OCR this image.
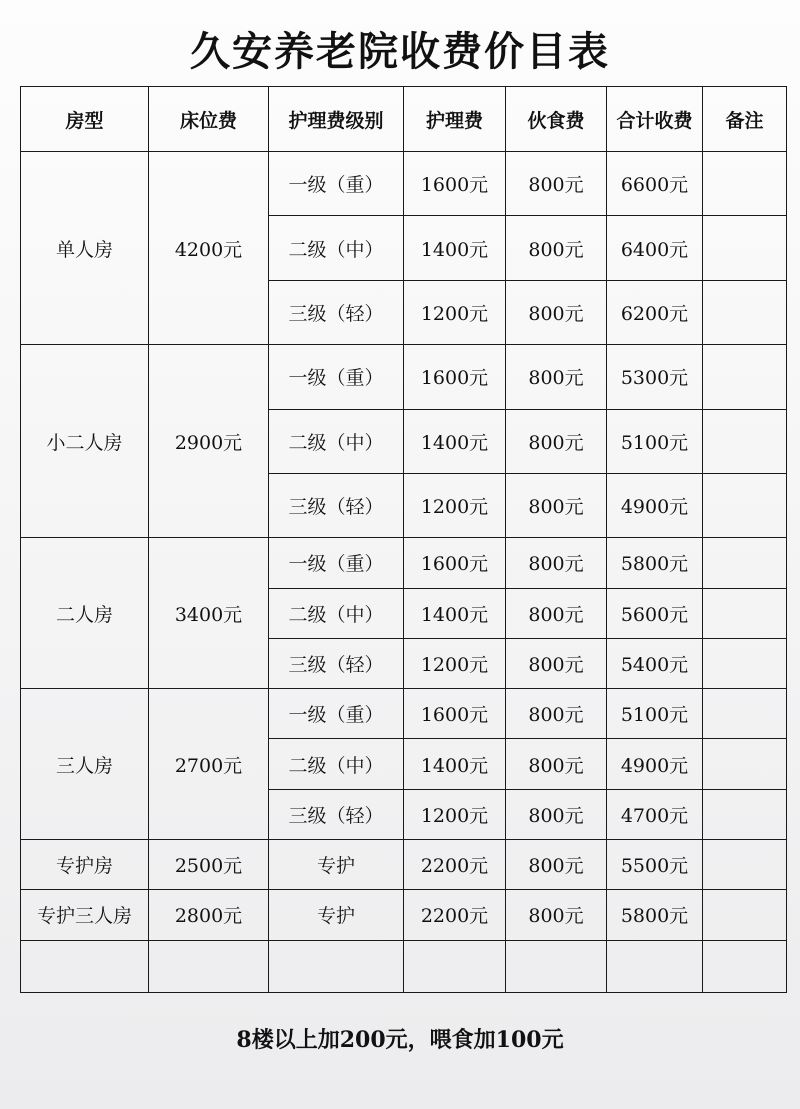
久安养老院收费价目表
房型	床位费	护理费级别	护理费	伙食费	合计收费	备注
单人房	4200元	一级（重）	1600元	800元	6600元	
		二级（中）	1400元	800元	6400元	
		三级（轻）	1200元	800元	6200元	
小二人房	2900元	一级（重）	1600元	800元	5300元	
		二级（中）	1400元	800元	5100元	
		三级（轻）	1200元	800元	4900元	
二人房	3400元	一级（重）	1600元	800元	5800元	
		二级（中）	1400元	800元	5600元	
		三级（轻）	1200元	800元	5400元	
三人房	2700元	一级（重）	1600元	800元	5100元	
		二级（中）	1400元	800元	4900元	
		三级（轻）	1200元	800元	4700元	
专护房	2500元	专护	2200元	800元	5500元	
专护三人房	2800元	专护	2200元	800元	5800元	

8楼以上加200元，喂食加100元
